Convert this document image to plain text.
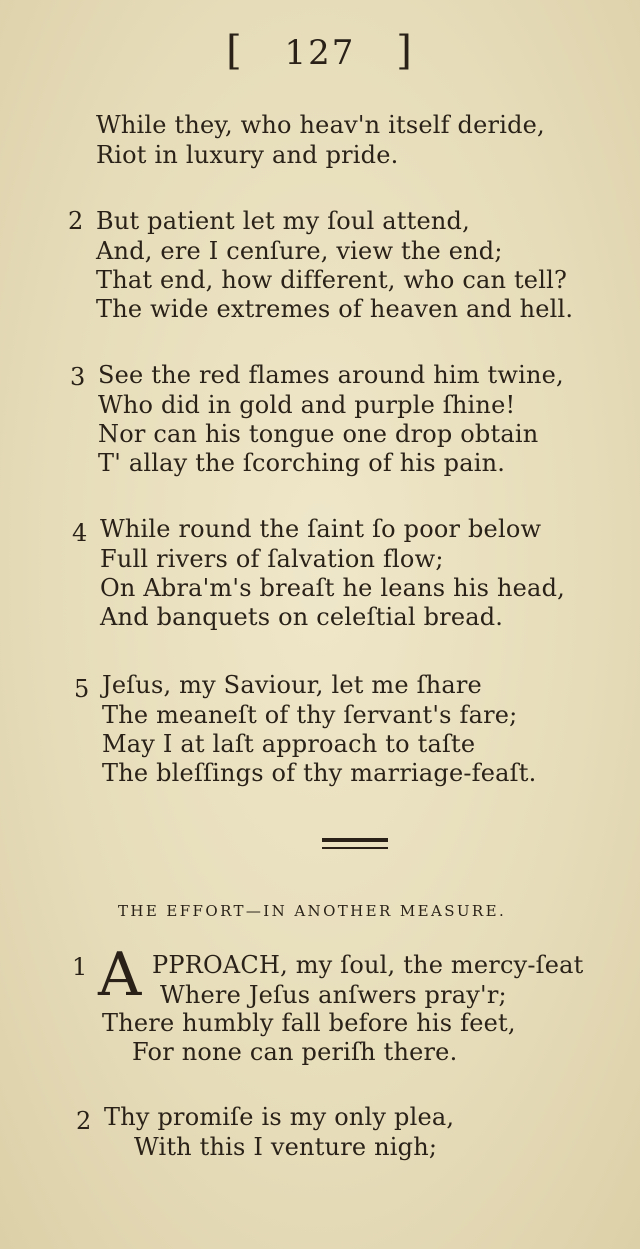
[ 127 ]
While they, who heav'n itself deride,
Riot in luxury and pride.
2 But patient let my ſoul attend,
And, ere I cenſure, view the end;
That end, how different, who can tell?
The wide extremes of heaven and hell.
3 See the red flames around him twine,
Who did in gold and purple ſhine!
Nor can his tongue one drop obtain
T' allay the ſcorching of his pain.
4 While round the ſaint ſo poor below
Full rivers of ſalvation flow;
On Abra'm's breaſt he leans his head,
And banquets on celeſtial bread.
5 Jeſus, my Saviour, let me ſhare
The meaneſt of thy ſervant's fare;
May I at laſt approach to taſte
The bleſſings of thy marriage-feaſt.
THE EFFORT—IN ANOTHER MEASURE.
1 A PPROACH, my ſoul, the mercy-ſeat
Where Jeſus anſwers pray'r;
There humbly fall before his feet,
For none can periſh there.
2 Thy promiſe is my only plea,
With this I venture nigh;
